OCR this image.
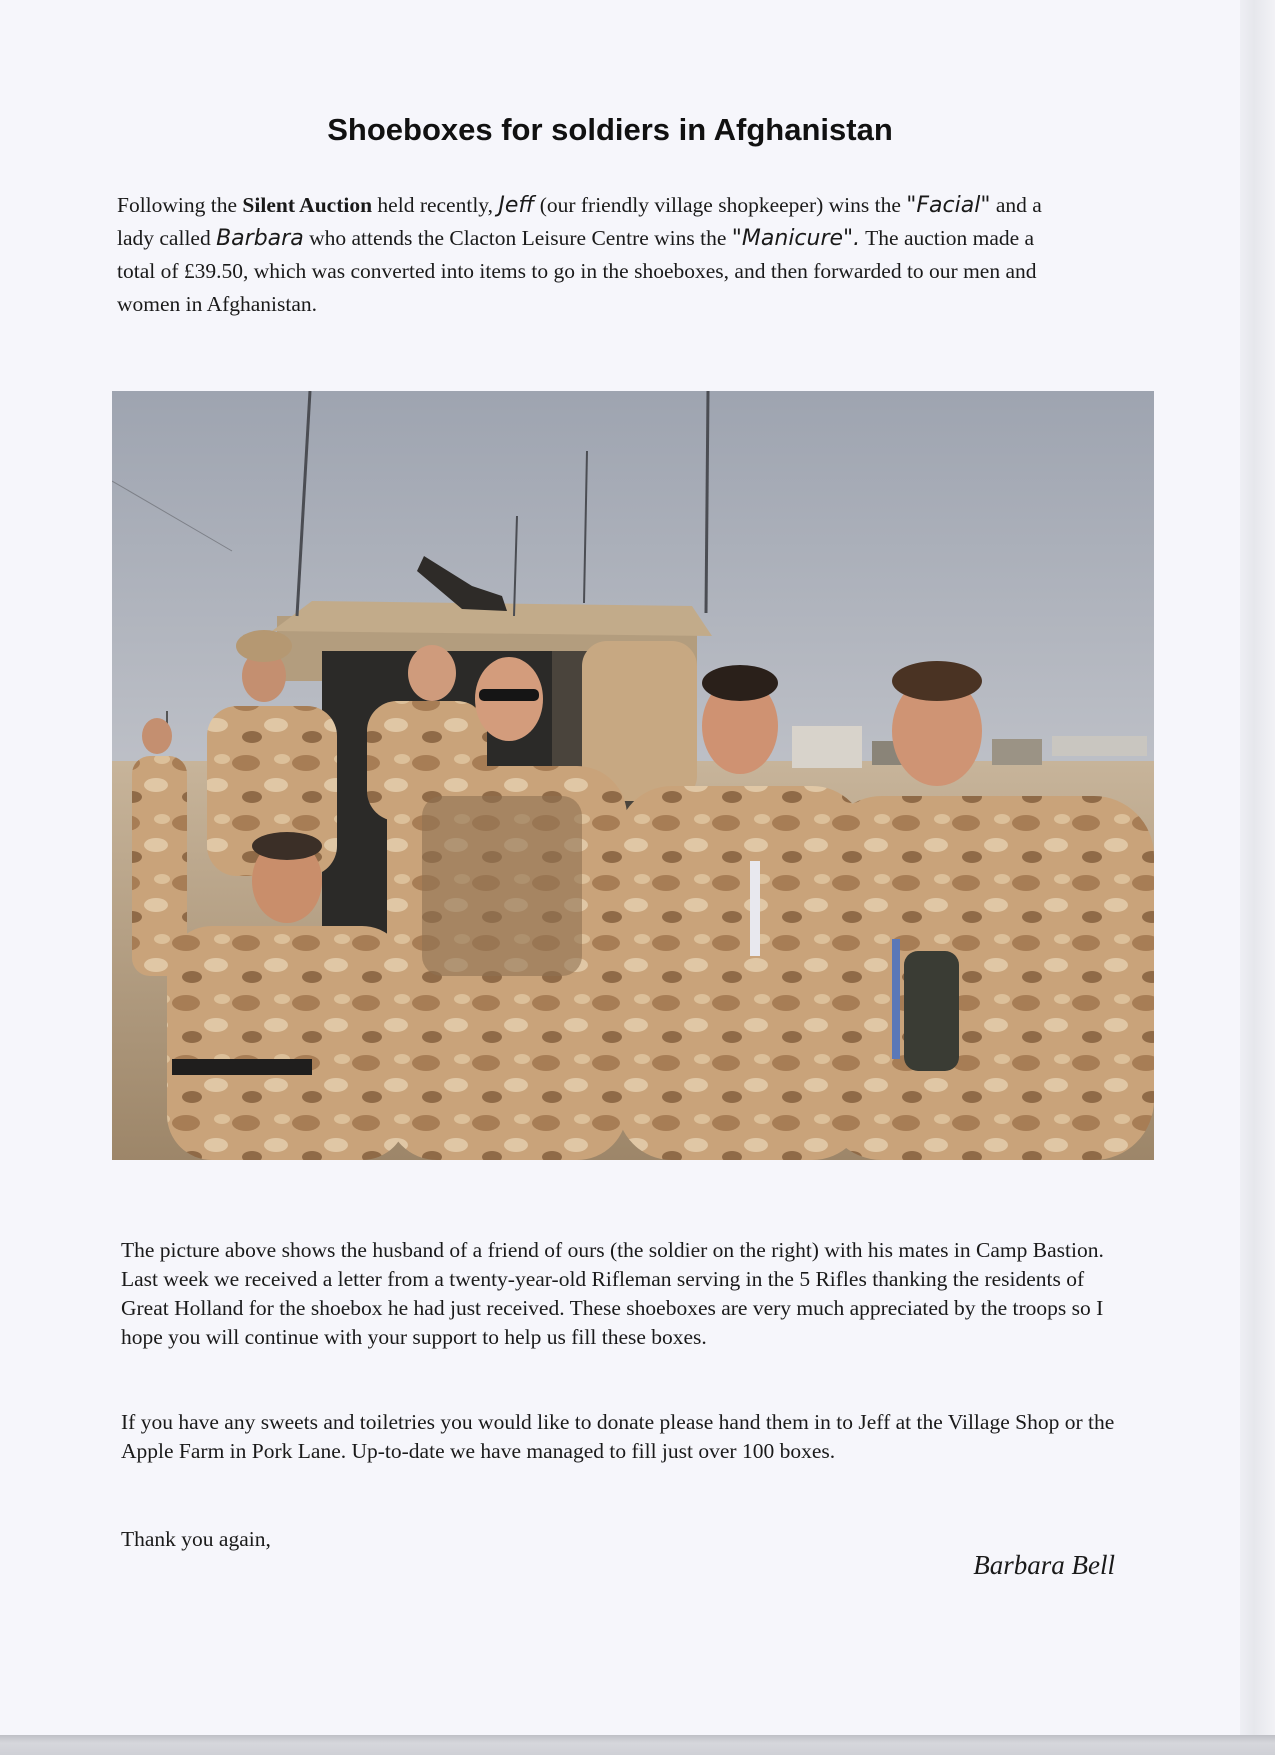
Shoeboxes for soldiers in Afghanistan

Following the Silent Auction held recently, Jeff (our friendly village shopkeeper) wins the "Facial" and a lady called Barbara who attends the Clacton Leisure Centre wins the "Manicure". The auction made a total of £39.50, which was converted into items to go in the shoeboxes, and then forwarded to our men and women in Afghanistan.

The picture above shows the husband of a friend of ours (the soldier on the right) with his mates in Camp Bastion. Last week we received a letter from a twenty-year-old Rifleman serving in the 5 Rifles thanking the residents of Great Holland for the shoebox he had just received. These shoeboxes are very much appreciated by the troops so I hope you will continue with your support to help us fill these boxes.

If you have any sweets and toiletries you would like to donate please hand them in to Jeff at the Village Shop or the Apple Farm in Pork Lane. Up-to-date we have managed to fill just over 100 boxes.

Thank you again,

Barbara Bell
